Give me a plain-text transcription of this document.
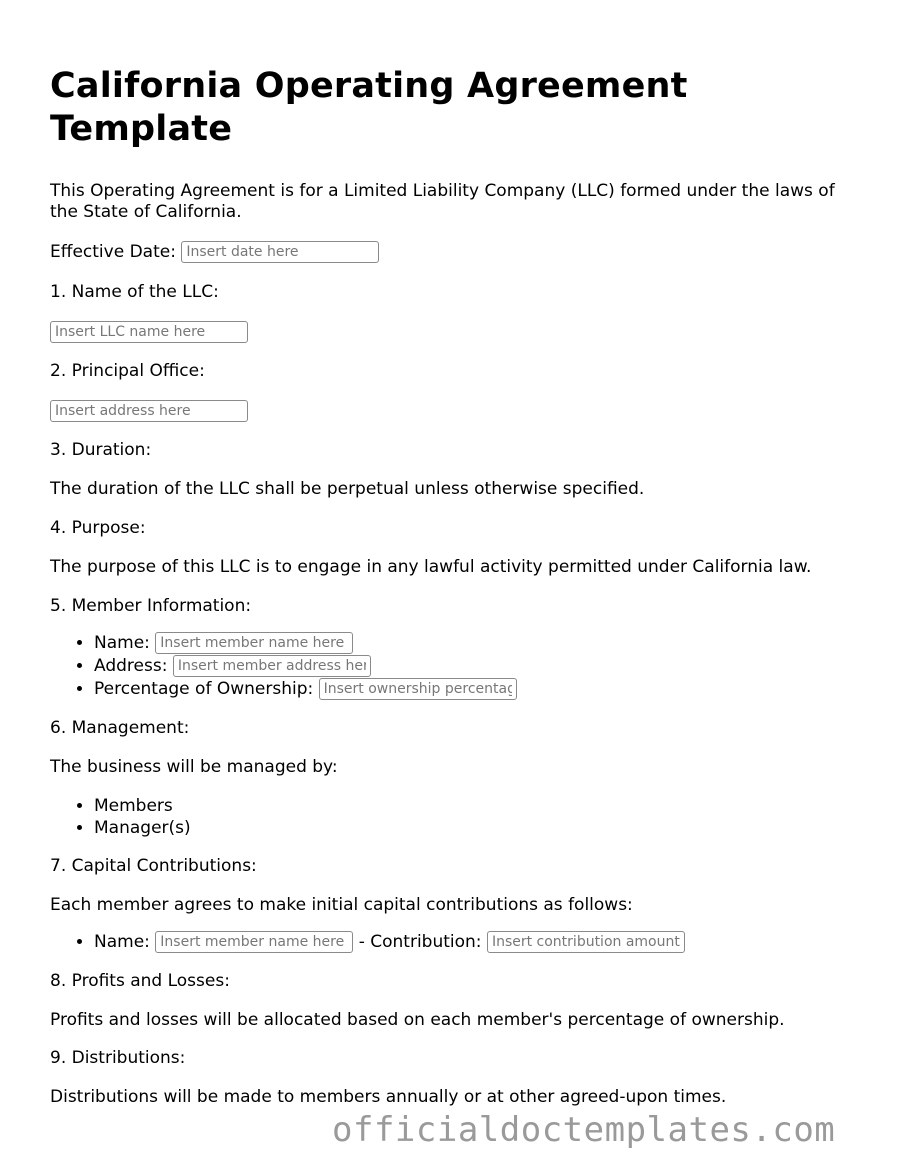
California Operating Agreement Template

This Operating Agreement is for a Limited Liability Company (LLC) formed under the laws of the State of California.

Effective Date: Insert date here

1. Name of the LLC:

Insert LLC name here

2. Principal Office:

Insert address here

3. Duration:

The duration of the LLC shall be perpetual unless otherwise specified.

4. Purpose:

The purpose of this LLC is to engage in any lawful activity permitted under California law.

5. Member Information:

• Name: Insert member name here
• Address: Insert member address here
• Percentage of Ownership: Insert ownership percentage

6. Management:

The business will be managed by:

• Members
• Manager(s)

7. Capital Contributions:

Each member agrees to make initial capital contributions as follows:

• Name: Insert member name here	- Contribution: Insert contribution amount

8. Profits and Losses:

Profits and losses will be allocated based on each member's percentage of ownership.

9. Distributions:

Distributions will be made to members annually or at other agreed-upon times.

officialdoctemplates.com
